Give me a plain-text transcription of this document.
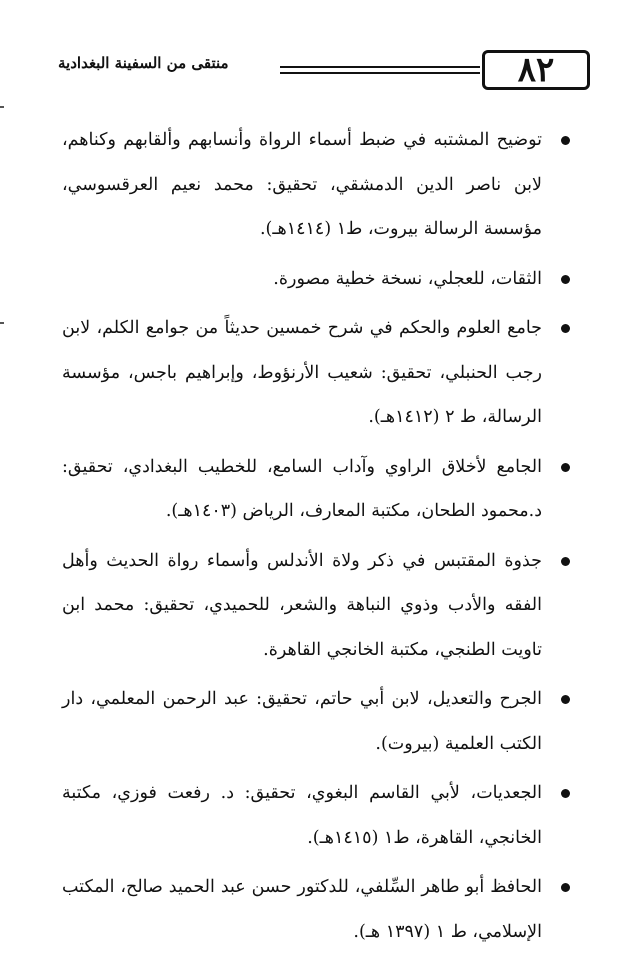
منتقى من السفينة البغدادية	٨٢
توضيح المشتبه في ضبط أسماء الرواة وأنسابهم وألقابهم وكناهم، لابن ناصر الدين الدمشقي، تحقيق: محمد نعيم العرقسوسي، مؤسسة الرسالة بيروت، ط١ (١٤١٤هـ).
الثقات، للعجلي، نسخة خطية مصورة.
جامع العلوم والحكم في شرح خمسين حديثاً من جوامع الكلم، لابن رجب الحنبلي، تحقيق: شعيب الأرنؤوط، وإبراهيم باجس، مؤسسة الرسالة، ط ٢ (١٤١٢هـ).
الجامع لأخلاق الراوي وآداب السامع، للخطيب البغدادي، تحقيق: د.محمود الطحان، مكتبة المعارف، الرياض (١٤٠٣هـ).
جذوة المقتبس في ذكر ولاة الأندلس وأسماء رواة الحديث وأهل الفقه والأدب وذوي النباهة والشعر، للحميدي، تحقيق: محمد ابن تاويت الطنجي، مكتبة الخانجي القاهرة.
الجرح والتعديل، لابن أبي حاتم، تحقيق: عبد الرحمن المعلمي، دار الكتب العلمية (بيروت).
الجعديات، لأبي القاسم البغوي، تحقيق: د. رفعت فوزي، مكتبة الخانجي، القاهرة، ط١ (١٤١٥هـ).
الحافظ أبو طاهر السِّلفي، للدكتور حسن عبد الحميد صالح، المكتب الإسلامي، ط ١ (١٣٩٧ هـ).
